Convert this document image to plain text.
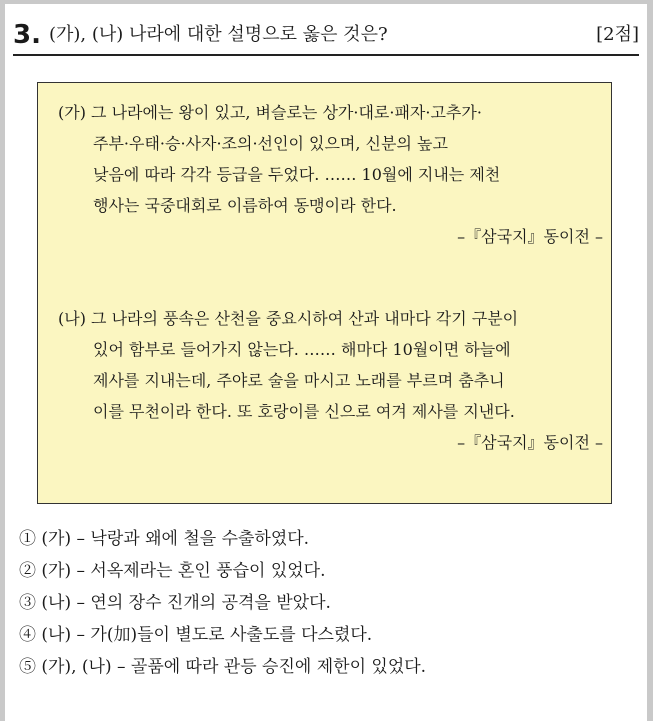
3. (가), (나) 나라에 대한 설명으로 옳은 것은?	[2점]
(가) 그 나라에는 왕이 있고, 벼슬로는 상가·대로·패자·고추가·
주부·우태·승·사자·조의·선인이 있으며, 신분의 높고
낮음에 따라 각각 등급을 두었다. …… 10월에 지내는 제천
행사는 국중대회로 이름하여 동맹이라 한다.
–『삼국지』동이전 –
(나) 그 나라의 풍속은 산천을 중요시하여 산과 내마다 각기 구분이
있어 함부로 들어가지 않는다. …… 해마다 10월이면 하늘에
제사를 지내는데, 주야로 술을 마시고 노래를 부르며 춤추니
이를 무천이라 한다. 또 호랑이를 신으로 여겨 제사를 지낸다.
–『삼국지』동이전 –
① (가) – 낙랑과 왜에 철을 수출하였다.
② (가) – 서옥제라는 혼인 풍습이 있었다.
③ (나) – 연의 장수 진개의 공격을 받았다.
④ (나) – 가(加)들이 별도로 사출도를 다스렸다.
⑤ (가), (나) – 골품에 따라 관등 승진에 제한이 있었다.
